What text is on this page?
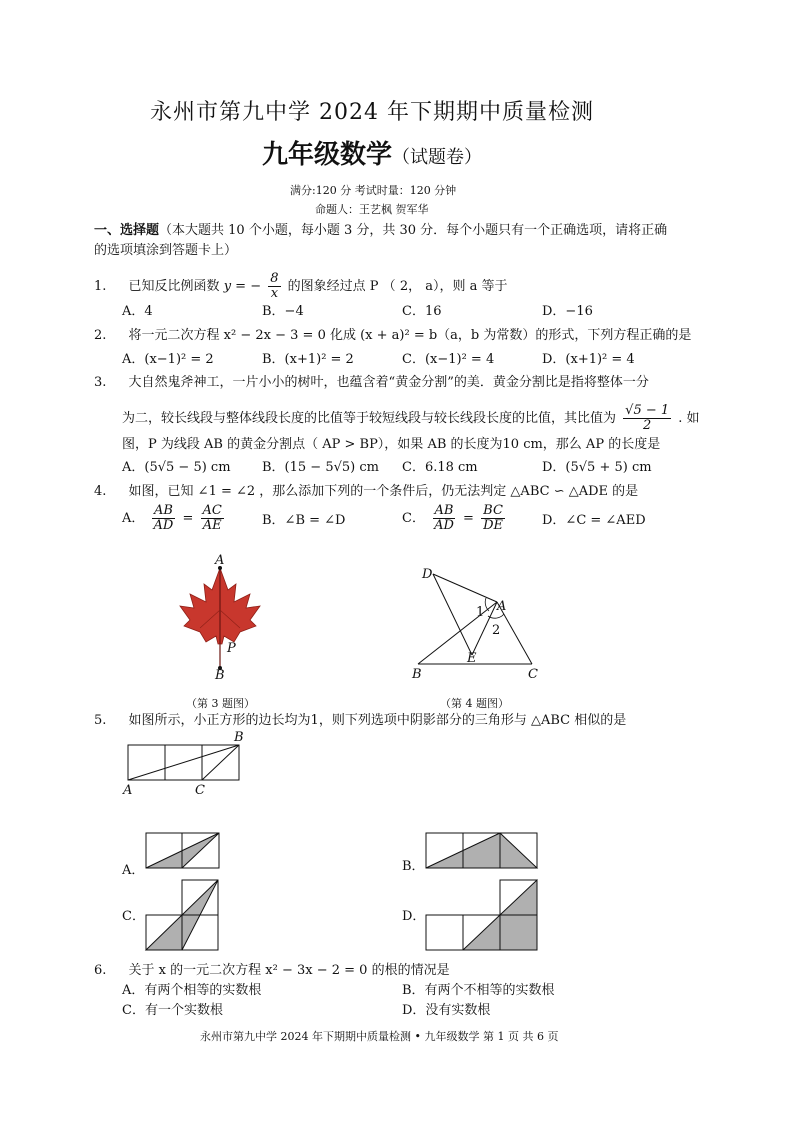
永州市第九中学 2024 年下期期中质量检测
九年级数学（试题卷）
满分:120 分 考试时量：120 分钟
命题人：王艺枫 贺军华
一、选择题（本大题共 10 个小题，每小题 3 分，共 30 分．每个小题只有一个正确选项，请将正确
的选项填涂到答题卡上）
1. 已知反比例函数 y = − $\frac{8}{x}$ 的图象经过点 P （ 2， a），则 a 等于
A．4	B．−4	C．16	D．−16
2. 将一元二次方程 x² − 2x − 3 = 0 化成 (x + a)² = b（a，b 为常数）的形式，下列方程正确的是
A．(x−1)² = 2	B．(x+1)² = 2	C．(x−1)² = 4	D．(x+1)² = 4
3. 大自然鬼斧神工，一片小小的树叶，也蕴含着“黄金分割”的美．黄金分割比是指将整体一分
为二，较长线段与整体线段长度的比值等于较短线段与较长线段长度的比值，其比值为 $\frac{√5 - 1}{2}$ . 如
图，P 为线段 AB 的黄金分割点（ AP > BP），如果 AB 的长度为10 cm，那么 AP 的长度是
A．(5√5 − 5) cm B．(15 − 5√5) cm C．6.18 cm	D．(5√5 + 5) cm
4. 如图，已知 ∠1 = ∠2 ，那么添加下列的一个条件后，仍无法判定 △ABC ∽ △ADE 的是
A． $\frac{AB}{AD} = \frac{AC}{AE}$	B．∠B = ∠D	C． $\frac{AB}{AD} = \frac{BC}{DE}$	D．∠C = ∠AED
A
P
B
（第 3 题图）
D
A
1
2
E
B	C
（第 4 题图）
5. 如图所示，小正方形的边长均为1，则下列选项中阴影部分的三角形与 △ABC 相似的是
B
A	C
A．	B．
C．	D．
6. 关于 x 的一元二次方程 x² − 3x − 2 = 0 的根的情况是
A．有两个相等的实数根	B．有两个不相等的实数根
C．有一个实数根	D．没有实数根
永州市第九中学 2024 年下期期中质量检测 • 九年级数学 第 1 页 共 6 页
